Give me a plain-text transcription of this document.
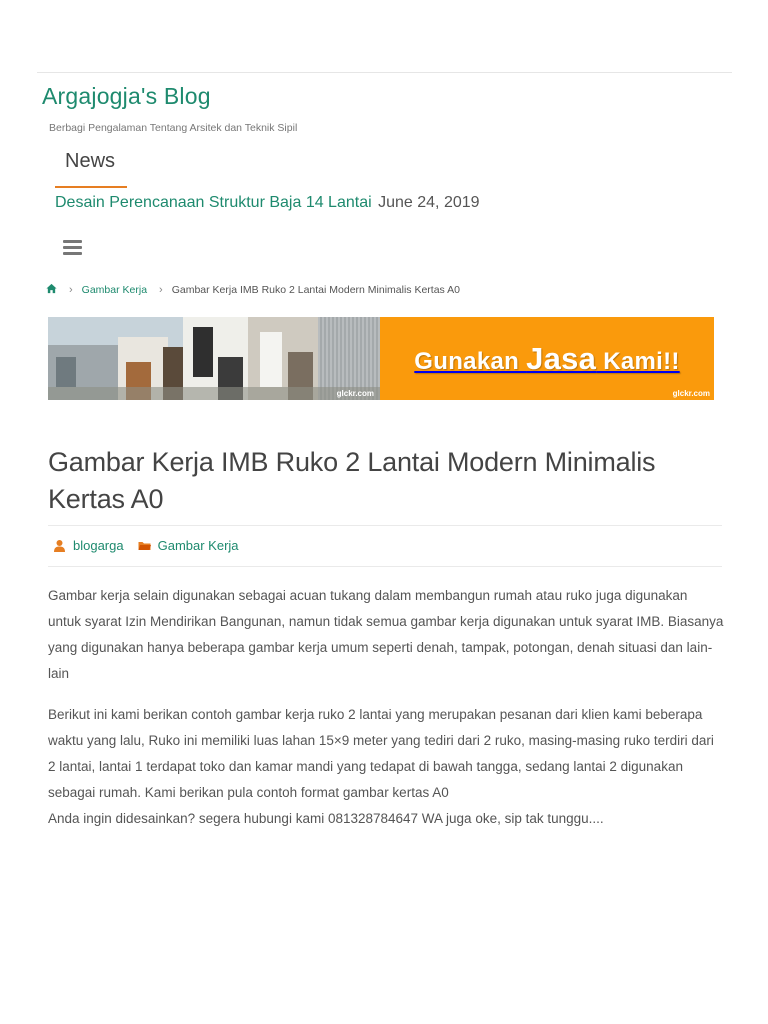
Argajogja's Blog
Berbagi Pengalaman Tentang Arsitek dan Teknik Sipil
News
Desain Perencanaan Struktur Baja 14 Lantai June 24, 2019
› Gambar Kerja › Gambar Kerja IMB Ruko 2 Lantai Modern Minimalis Kertas A0
glckr.com
Gunakan Jasa Kami!!
glckr.com
Gambar Kerja IMB Ruko 2 Lantai Modern Minimalis Kertas A0
blogarga	Gambar Kerja

Gambar kerja selain digunakan sebagai acuan tukang dalam membangun rumah atau ruko juga digunakan untuk syarat Izin Mendirikan Bangunan, namun tidak semua gambar kerja digunakan untuk syarat IMB. Biasanya yang digunakan hanya beberapa gambar kerja umum seperti denah, tampak, potongan, denah situasi dan lain-lain

Berikut ini kami berikan contoh gambar kerja ruko 2 lantai yang merupakan pesanan dari klien kami beberapa waktu yang lalu, Ruko ini memiliki luas lahan 15×9 meter yang tediri dari 2 ruko, masing-masing ruko terdiri dari 2 lantai, lantai 1 terdapat toko dan kamar mandi yang tedapat di bawah tangga, sedang lantai 2 digunakan sebagai rumah. Kami berikan pula contoh format gambar kertas A0

Anda ingin didesainkan? segera hubungi kami 081328784647 WA juga oke, sip tak tunggu....
